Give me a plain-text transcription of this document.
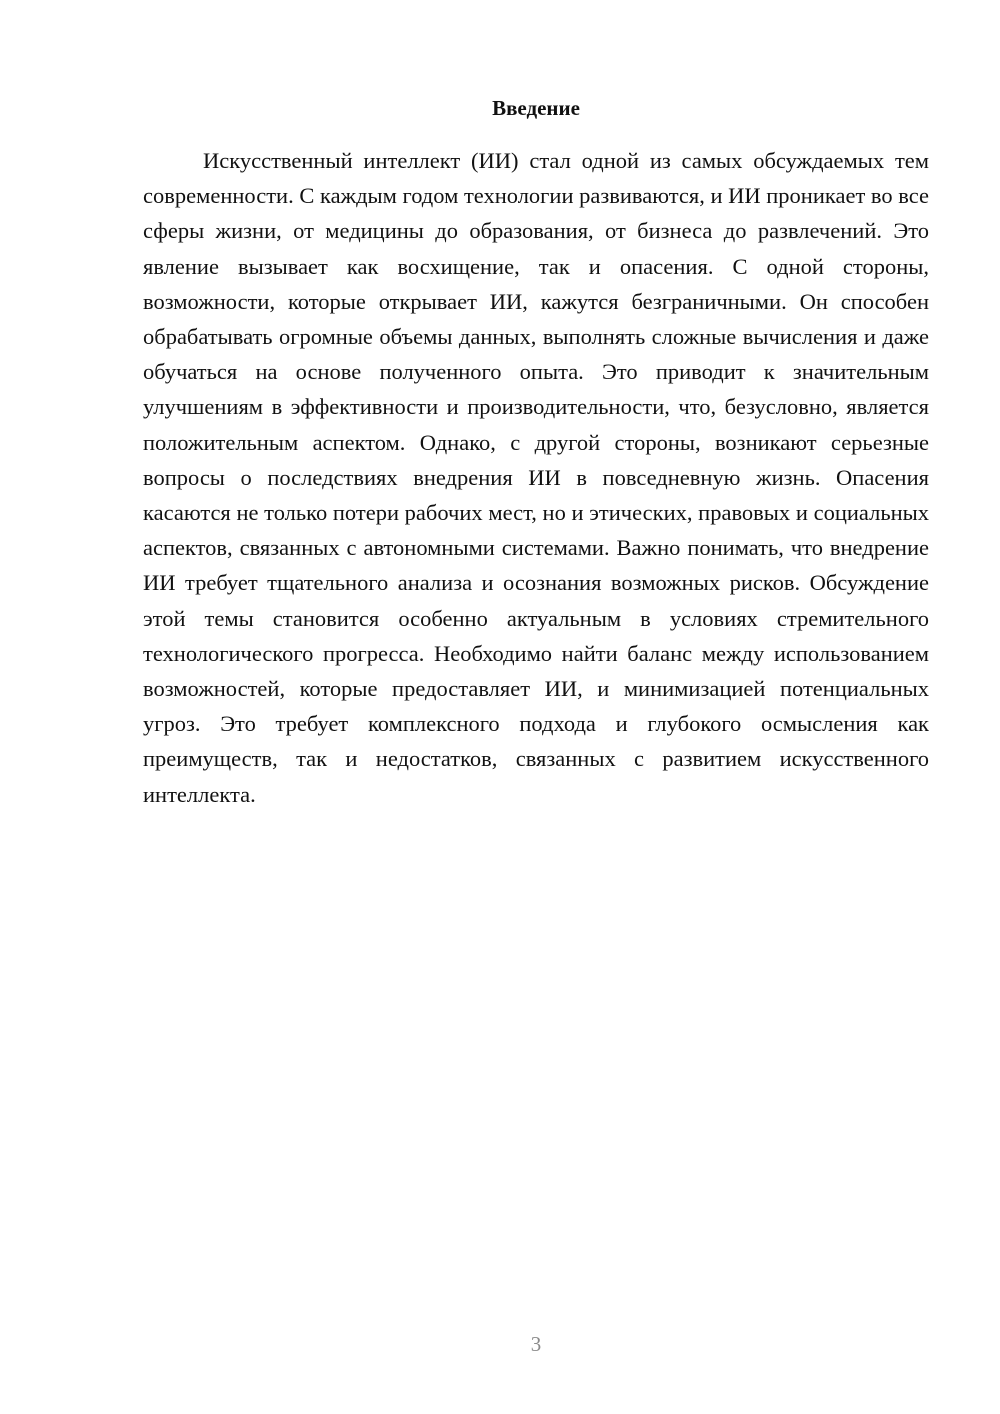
Введение

Искусственный интеллект (ИИ) стал одной из самых обсуждаемых тем современности. С каждым годом технологии развиваются, и ИИ проникает во все сферы жизни, от медицины до образования, от бизнеса до развлечений. Это явление вызывает как восхищение, так и опасения. С одной стороны, возможности, которые открывает ИИ, кажутся безграничными. Он способен обрабатывать огромные объемы данных, выполнять сложные вычисления и даже обучаться на основе полученного опыта. Это приводит к значительным улучшениям в эффективности и производительности, что, безусловно, является положительным аспектом. Однако, с другой стороны, возникают серьезные вопросы о последствиях внедрения ИИ в повседневную жизнь. Опасения касаются не только потери рабочих мест, но и этических, правовых и социальных аспектов, связанных с автономными системами. Важно понимать, что внедрение ИИ требует тщательного анализа и осознания возможных рисков. Обсуждение этой темы становится особенно актуальным в условиях стремительного технологического прогресса. Необходимо найти баланс между использованием возможностей, которые предоставляет ИИ, и минимизацией потенциальных угроз. Это требует комплексного подхода и глубокого осмысления как преимуществ, так и недостатков, связанных с развитием искусственного интеллекта.

3
